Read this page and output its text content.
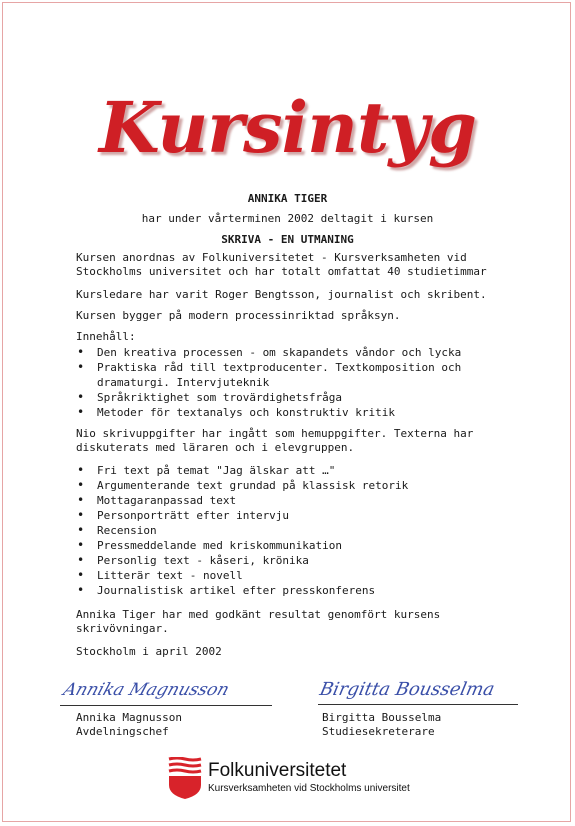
Kursintyg
ANNIKA TIGER
har under vårterminen 2002 deltagit i kursen
SKRIVA - EN UTMANING
Kursen anordnas av Folkuniversitetet - Kursverksamheten vid
Stockholms universitet och har totalt omfattat 40 studietimmar
Kursledare har varit Roger Bengtsson, journalist och skribent.
Kursen bygger på modern processinriktad språksyn.
Innehåll:
• Den kreativa processen - om skapandets våndor och lycka
• Praktiska råd till textproducenter. Textkomposition och
dramaturgi. Intervjuteknik
• Språkriktighet som trovärdighetsfråga
• Metoder för textanalys och konstruktiv kritik
Nio skrivuppgifter har ingått som hemuppgifter. Texterna har
diskuterats med läraren och i elevgruppen.
• Fri text på temat "Jag älskar att …"
• Argumenterande text grundad på klassisk retorik
• Mottagaranpassad text
• Personporträtt efter intervju
• Recension
• Pressmeddelande med kriskommunikation
• Personlig text - kåseri, krönika
• Litterär text - novell
• Journalistisk artikel efter presskonferens
Annika Tiger har med godkänt resultat genomfört kursens
skrivövningar.
Stockholm i april 2002
Annika Magnusson
Annika Magnusson
Avdelningschef
Birgitta Bousselma
Birgitta Bousselma
Studiesekreterare
Folkuniversitetet
Kursverksamheten vid Stockholms universitet
